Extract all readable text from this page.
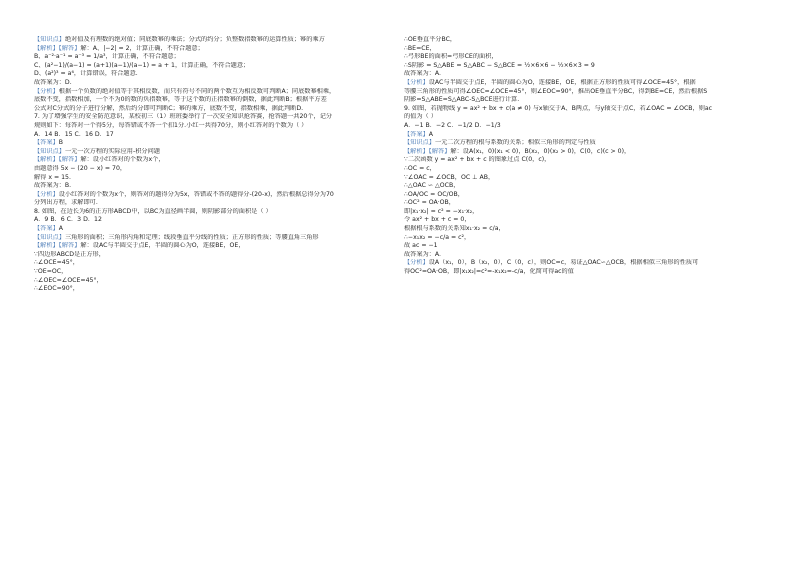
【知识点】绝对值及有理数的绝对值；同底数幂的乘法；分式的约分；负整数指数幂的运算性质；幂的乘方
【解析】【解答】解：A、|−2| = 2，计算正确，不符合题意；
B、a⁻²·a⁻¹ = a⁻³ = 1/a³，计算正确，不符合题意；
C、(a²−1)/(a−1) = (a+1)(a−1)/(a−1) = a + 1，计算正确，不符合题意；
D、(a²)³ = a⁶，计算错误，符合题意.
故答案为：D.
【分析】根据一个负数的绝对值等于其相反数，而只有符号不同的两个数互为相反数可判断A；同底数幂相乘，
底数不变，指数相加，一个不为0的数的负指数幂，等于这个数的正指数幂的倒数，据此判断B；根据平方差
公式对C分式的分子进行分解，然后约分即可判断C；幂的乘方，底数不变，指数相乘，据此判断D.
7. 为了增强学生的安全防范意识，某校初三（1）班班委举行了一次安全知识抢答赛，抢答题一共20个，记分
规则如下：每答对一个得5分，每答错或不答一个扣1分.小红一共得70分，则小红答对的个数为（ ）
A．14 B．15 C．16 D．17
【答案】B
【知识点】一元一次方程的实际应用-积分问题
【解析】【解答】解：设小红答对的个数为x个，
由题意得 5x − (20 − x) = 70，
解得 x = 15.
故答案为：B.
【分析】设小红答对的个数为x个，则答对的题得分为5x，答错或不答的题得分-(20-x)，然后根据总得分为70
分列出方程，求解即可.
8. 如图，在边长为6的正方形ABCD中，以BC为直径画半圆，则阴影部分的面积是（ ）
A．9 B．6 C．3 D．12
【答案】A
【知识点】三角形的面积；三角形内角和定理；线段垂直平分线的性质；正方形的性质；等腰直角三角形
【解析】【解答】解：设AC与半圆交于点E，半圆的圆心为O，连接BE，OE，
∵四边形ABCD是正方形，
∴∠OCE=45°，
∵OE=OC，
∴∠OEC=∠OCE=45°，
∴∠EOC=90°，
∴OE垂直平分BC，
∴BE=CE，
∴弓形BE的面积=弓形CE的面积，
∴S阴影 = S△ABE = S△ABC − S△BCE = ½×6×6 − ½×6×3 = 9
故答案为：A.
【分析】设AC与半圆交于点E，半圆的圆心为O，连接BE，OE，根据正方形的性质可得∠OCE=45°，根据
等腰三角形的性质可得∠OEC=∠OCE=45°，则∠EOC=90°，推出OE垂直平分BC，得到BE=CE，然后根据S
阴影=S△ABE=S△ABC-S△BCE进行计算.
9. 如图，若抛物线 y = ax² + bx + c(a ≠ 0) 与x轴交于A、B两点，与y轴交于点C，若∠OAC = ∠OCB，则ac
的值为（ ）
A．−1 B．−2 C．−1/2 D．−1/3
【答案】A
【知识点】一元二次方程的根与系数的关系；相似三角形的判定与性质
【解析】【解答】解：设A(x₁，0)(x₁ < 0)，B(x₂，0)(x₂ > 0)，C(0，c)(c > 0)，
∵二次函数 y = ax² + bx + c 的图象过点 C(0，c)，
∴OC = c，
∵∠OAC = ∠OCB，OC ⊥ AB，
∴△OAC ∽ △OCB，
∴OA/OC = OC/OB，
∴OC² = OA·OB，
即|x₁·x₂| = c² = −x₁·x₂，
令 ax² + bx + c = 0，
根据根与系数的关系知x₁·x₂ = c/a，
∴−x₁x₂ = −c/a = c²，
故 ac = −1
故答案为：A.
【分析】设A（x₁，0），B（x₂，0），C（0，c），则OC=c，易证△OAC∽△OCB，根据相似三角形的性质可
得OC²=OA·OB，即|x₁x₂|=c²=-x₁x₂=-c/a，化简可得ac的值
